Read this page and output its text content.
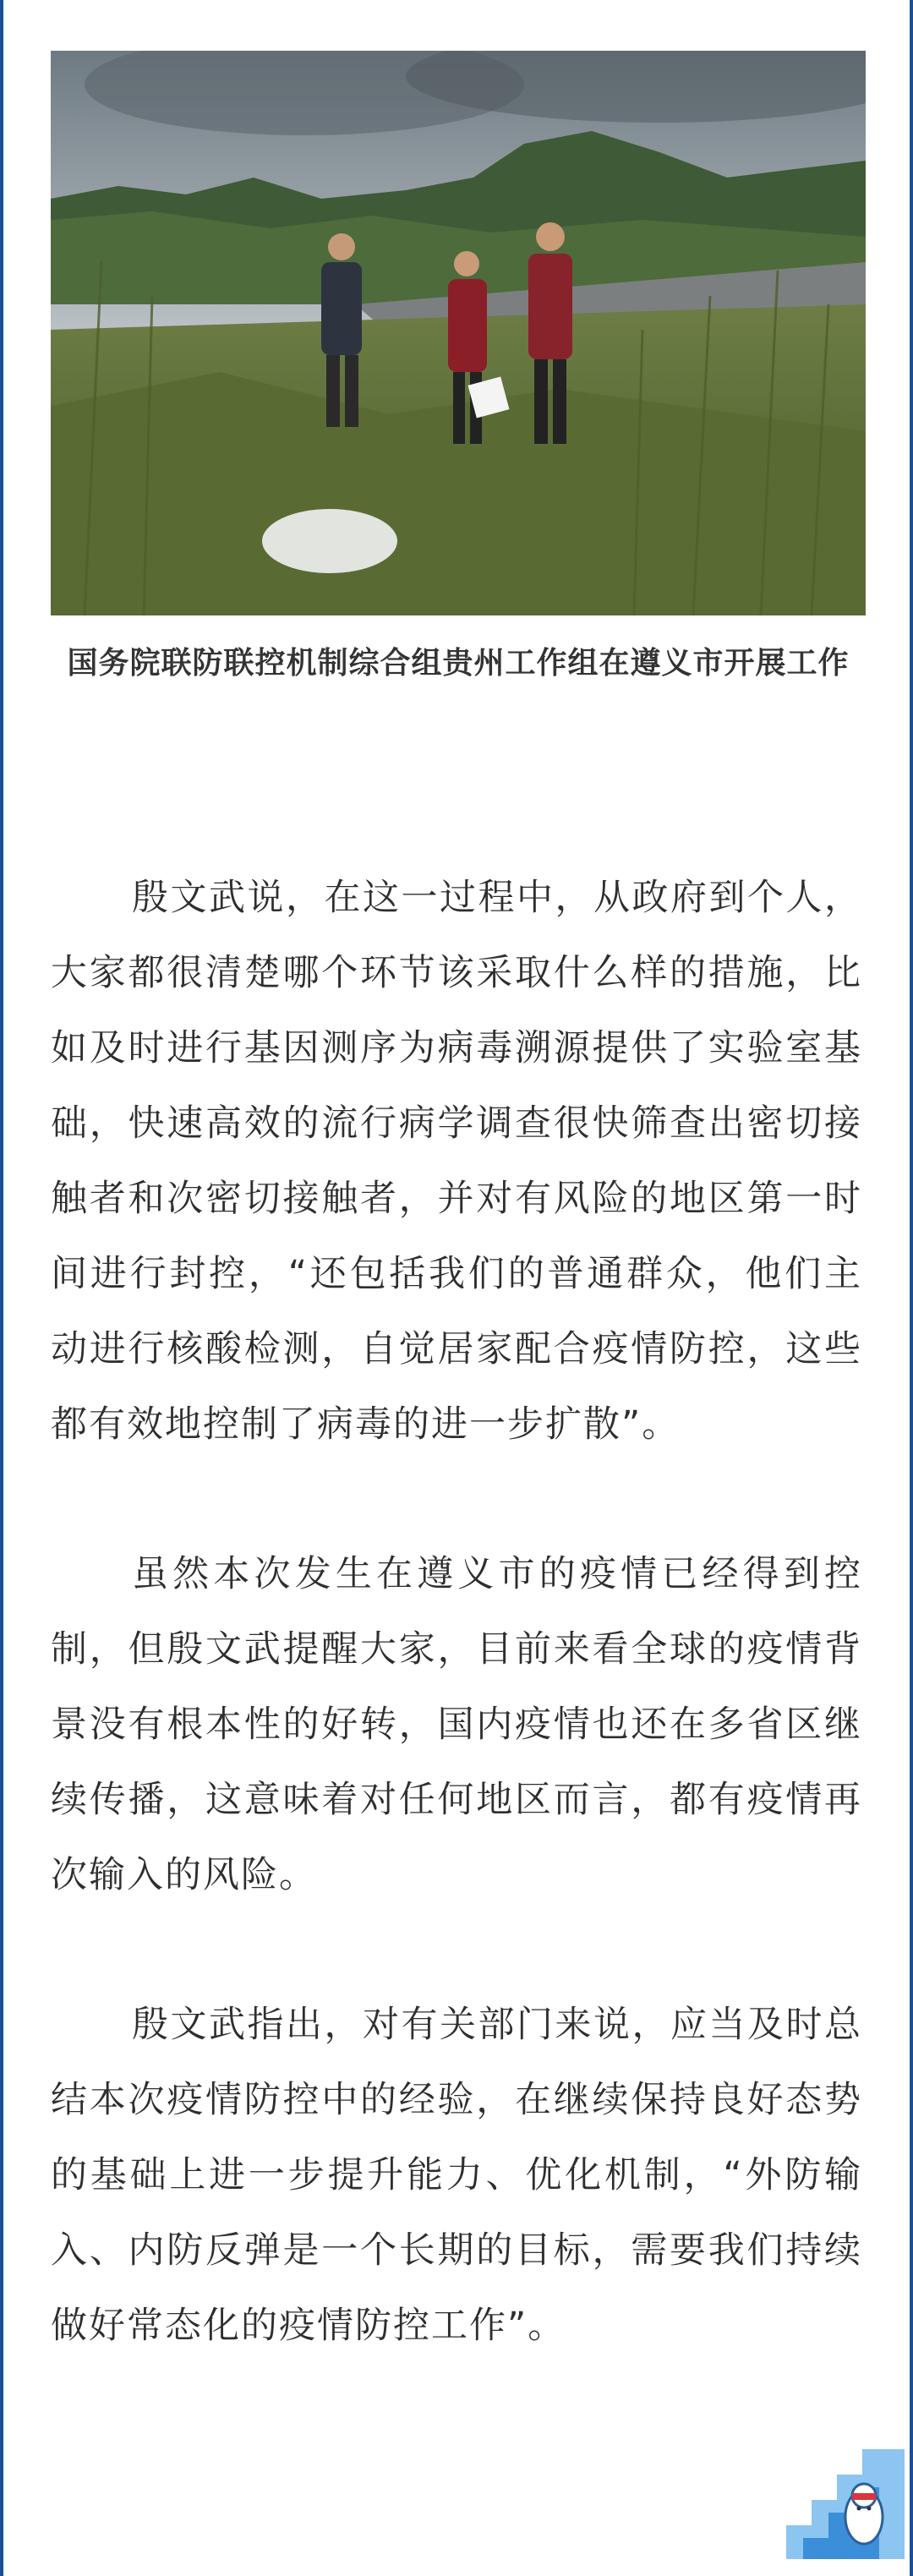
国务院联防联控机制综合组贵州工作组在遵义市开展工作

殷文武说，在这一过程中，从政府到个人，大家都很清楚哪个环节该采取什么样的措施，比如及时进行基因测序为病毒溯源提供了实验室基础，快速高效的流行病学调查很快筛查出密切接触者和次密切接触者，并对有风险的地区第一时间进行封控，“还包括我们的普通群众，他们主动进行核酸检测，自觉居家配合疫情防控，这些都有效地控制了病毒的进一步扩散”。

虽然本次发生在遵义市的疫情已经得到控制，但殷文武提醒大家，目前来看全球的疫情背景没有根本性的好转，国内疫情也还在多省区继续传播，这意味着对任何地区而言，都有疫情再次输入的风险。

殷文武指出，对有关部门来说，应当及时总结本次疫情防控中的经验，在继续保持良好态势的基础上进一步提升能力、优化机制，“外防输入、内防反弹是一个长期的目标，需要我们持续做好常态化的疫情防控工作”。
